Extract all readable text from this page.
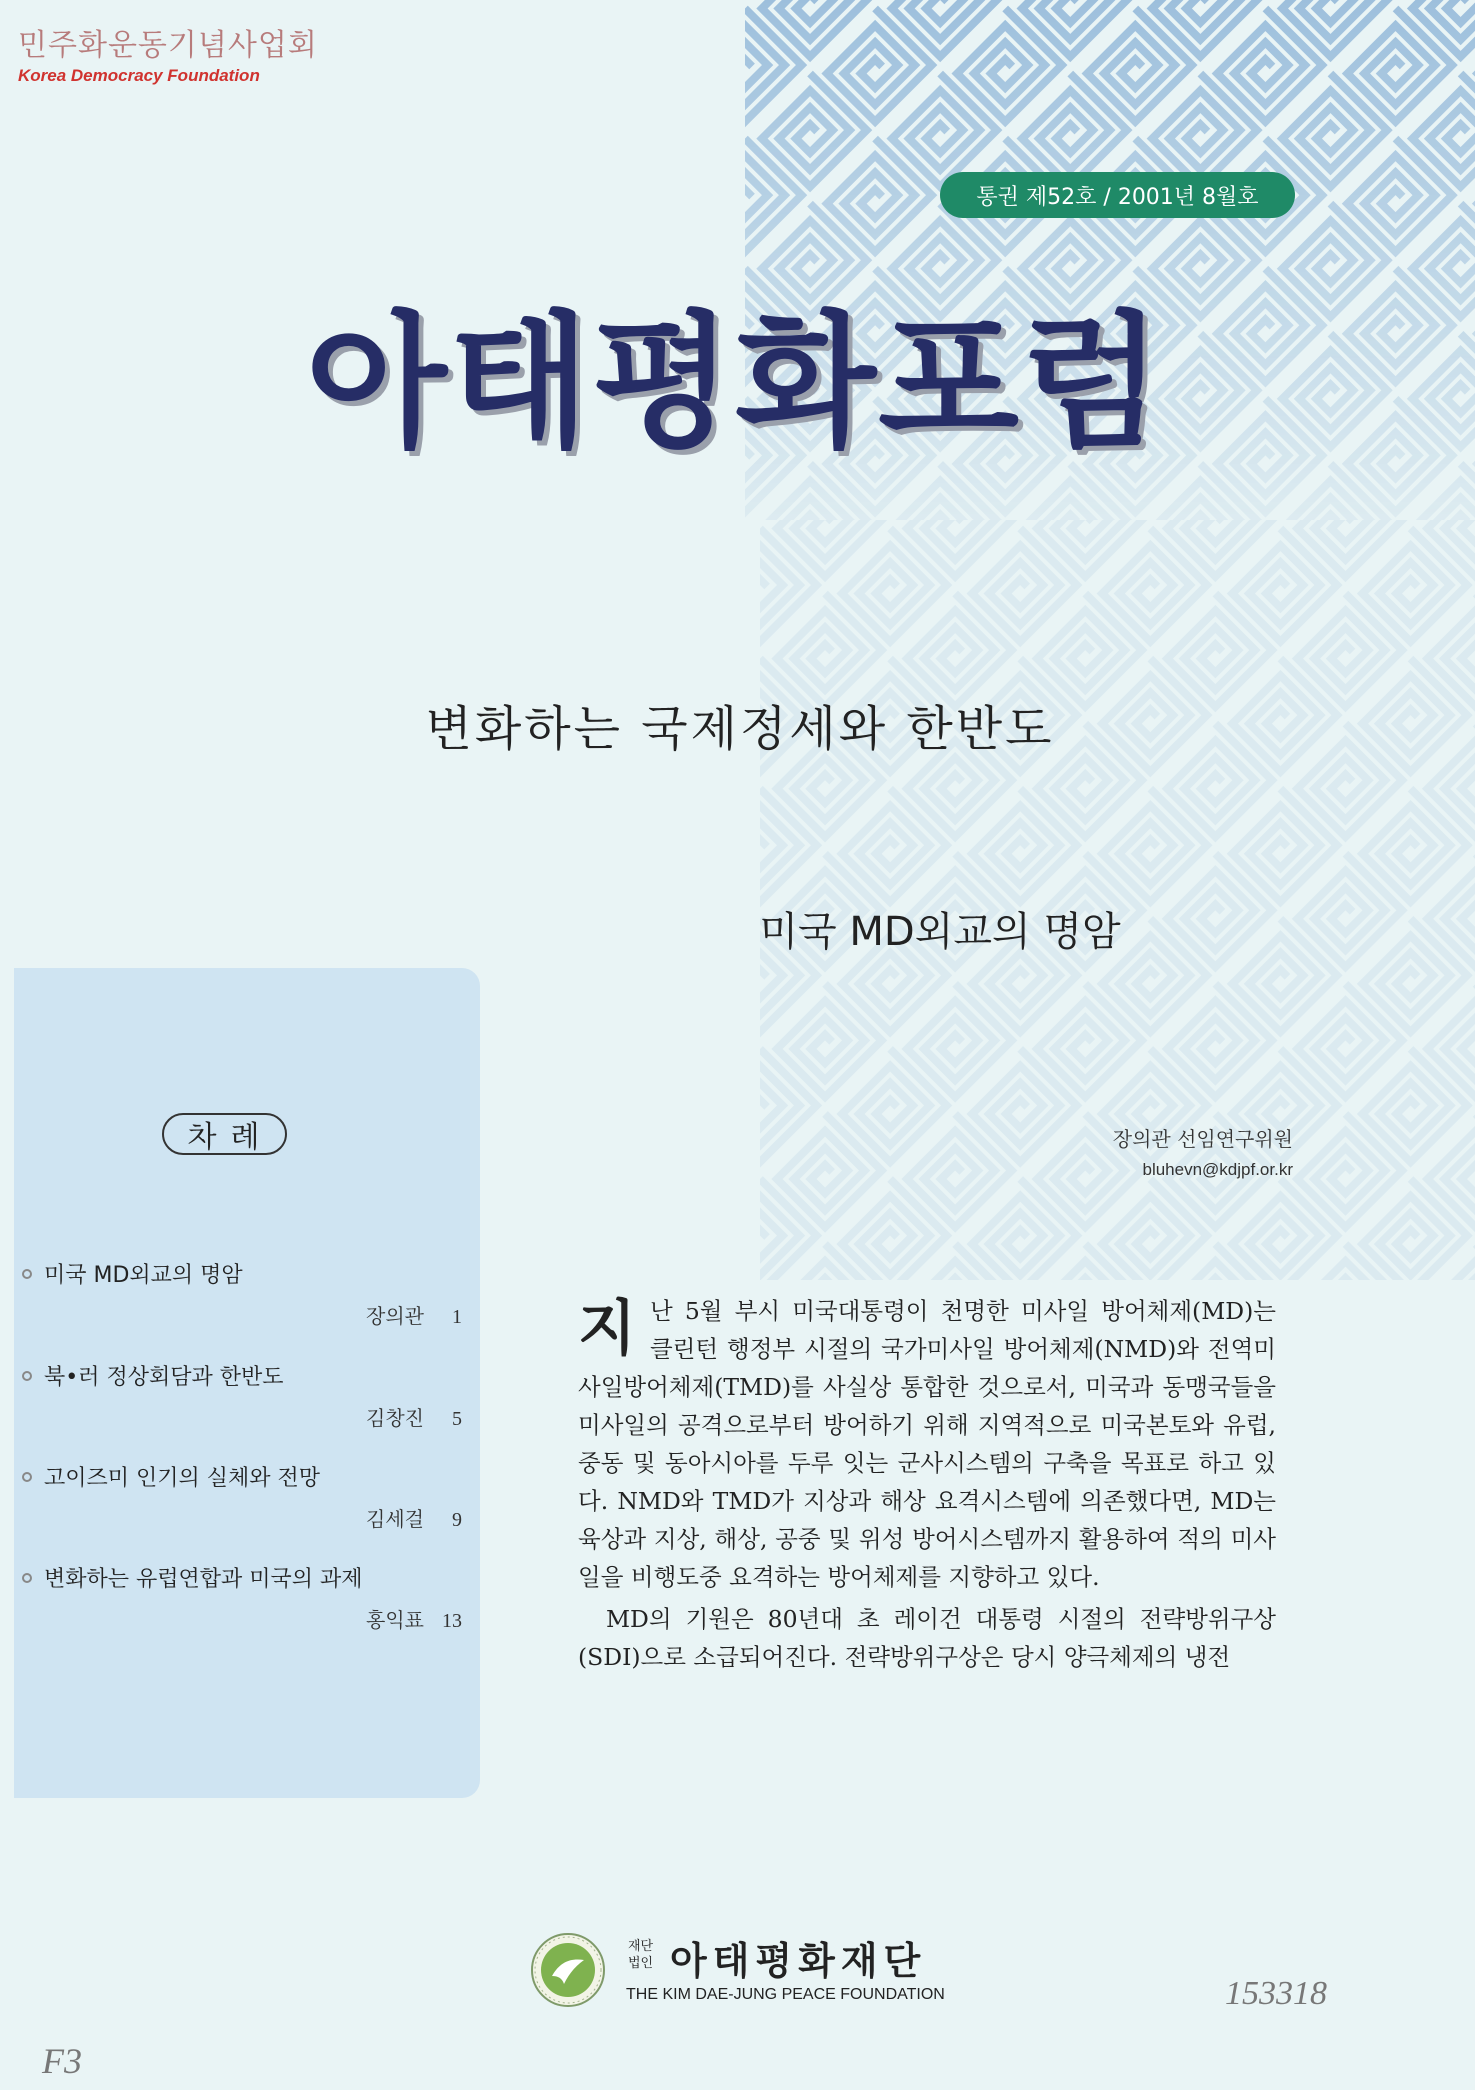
민주화운동기념사업회
Korea Democracy Foundation
통권 제52호 / 2001년 8월호
아태평화포럼
변화하는 국제정세와 한반도
미국 MD외교의 명암
장의관 선임연구위원
bluhevn@kdjpf.or.kr
차례
미국 MD외교의 명암
장의관 1
북•러 정상회담과 한반도
김창진 5
고이즈미 인기의 실체와 전망
김세걸 9
변화하는 유럽연합과 미국의 과제
홍익표 13

지난 5월 부시 미국대통령이 천명한 미사일 방어체제(MD)는 클린턴 행정부 시절의 국가미사일 방어체제(NMD)와 전역미사일방어체제(TMD)를 사실상 통합한 것으로서, 미국과 동맹국들을 미사일의 공격으로부터 방어하기 위해 지역적으로 미국본토와 유럽, 중동 및 동아시아를 두루 잇는 군사시스템의 구축을 목표로 하고 있다. NMD와 TMD가 지상과 해상 요격시스템에 의존했다면, MD는 육상과 지상, 해상, 공중 및 위성 방어시스템까지 활용하여 적의 미사일을 비행도중 요격하는 방어체제를 지향하고 있다.

MD의 기원은 80년대 초 레이건 대통령 시절의 전략방위구상(SDI)으로 소급되어진다. 전략방위구상은 당시 양극체제의 냉전

재단
법인 아태평화재단
THE KIM DAE-JUNG PEACE FOUNDATION	153318
F3
